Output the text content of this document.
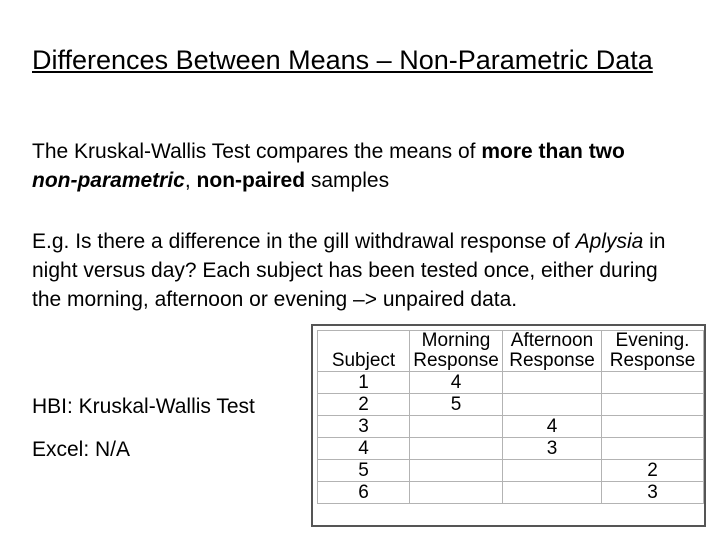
Differences Between Means – Non-Parametric Data
The Kruskal-Wallis Test compares the means of more than two non-parametric, non-paired samples
E.g. Is there a difference in the gill withdrawal response of Aplysia in night versus day? Each subject has been tested once, either during the morning, afternoon or evening –> unpaired data.
HBI: Kruskal-Wallis Test
Excel: N/A
	Morning	Afternoon	Evening.
Subject	Response	Response	Response
1	4		
2	5		
3		4	
4		3	
5			2
6			3
